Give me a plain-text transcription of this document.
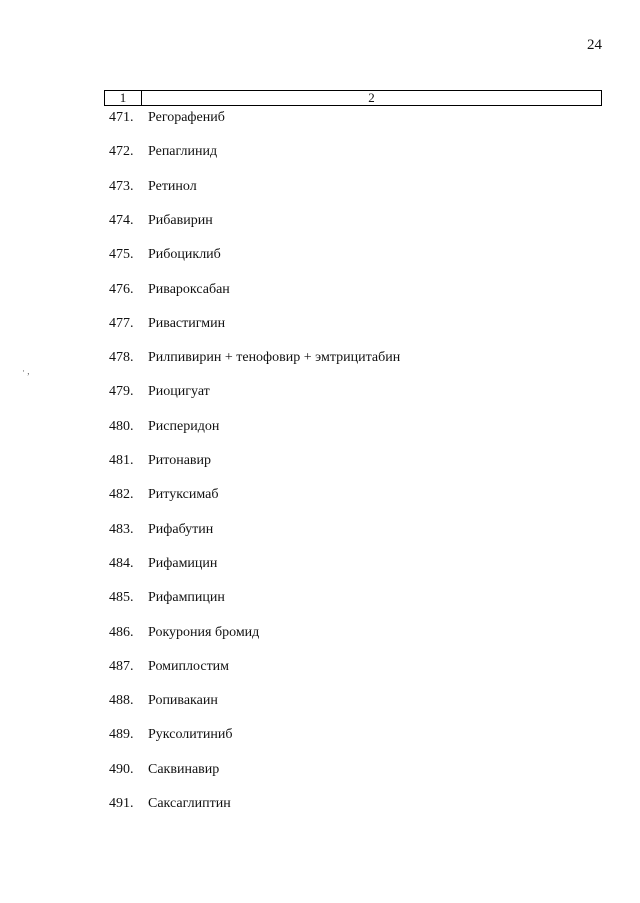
24
1	2
· ,
471. Регорафениб
472. Репаглинид
473. Ретинол
474. Рибавирин
475. Рибоциклиб
476. Ривароксабан
477. Ривастигмин
478. Рилпивирин + тенофовир + эмтрицитабин
479. Риоцигуат
480. Рисперидон
481. Ритонавир
482. Ритуксимаб
483. Рифабутин
484. Рифамицин
485. Рифампицин
486. Рокурония бромид
487. Ромиплостим
488. Ропивакаин
489. Руксолитиниб
490. Саквинавир
491. Саксаглиптин
